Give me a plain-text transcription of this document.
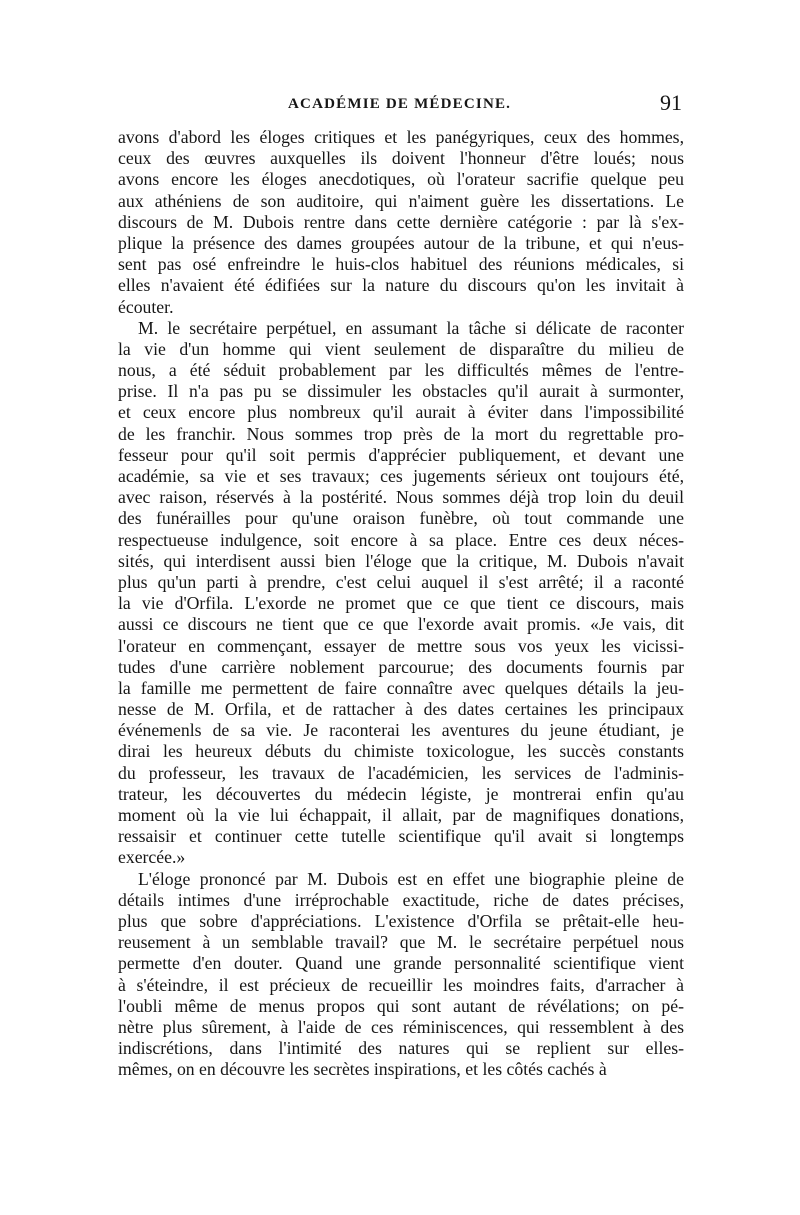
ACADÉMIE DE MÉDECINE.	91
avons d'abord les éloges critiques et les panégyriques, ceux des hommes,
ceux des œuvres auxquelles ils doivent l'honneur d'être loués; nous
avons encore les éloges anecdotiques, où l'orateur sacrifie quelque peu
aux athéniens de son auditoire, qui n'aiment guère les dissertations. Le
discours de M. Dubois rentre dans cette dernière catégorie : par là s'ex-
plique la présence des dames groupées autour de la tribune, et qui n'eus-
sent pas osé enfreindre le huis-clos habituel des réunions médicales, si
elles n'avaient été édifiées sur la nature du discours qu'on les invitait à
écouter.
M. le secrétaire perpétuel, en assumant la tâche si délicate de raconter
la vie d'un homme qui vient seulement de disparaître du milieu de
nous, a été séduit probablement par les difficultés mêmes de l'entre-
prise. Il n'a pas pu se dissimuler les obstacles qu'il aurait à surmonter,
et ceux encore plus nombreux qu'il aurait à éviter dans l'impossibilité
de les franchir. Nous sommes trop près de la mort du regrettable pro-
fesseur pour qu'il soit permis d'apprécier publiquement, et devant une
académie, sa vie et ses travaux; ces jugements sérieux ont toujours été,
avec raison, réservés à la postérité. Nous sommes déjà trop loin du deuil
des funérailles pour qu'une oraison funèbre, où tout commande une
respectueuse indulgence, soit encore à sa place. Entre ces deux néces-
sités, qui interdisent aussi bien l'éloge que la critique, M. Dubois n'avait
plus qu'un parti à prendre, c'est celui auquel il s'est arrêté; il a raconté
la vie d'Orfila. L'exorde ne promet que ce que tient ce discours, mais
aussi ce discours ne tient que ce que l'exorde avait promis. «Je vais, dit
l'orateur en commençant, essayer de mettre sous vos yeux les vicissi-
tudes d'une carrière noblement parcourue; des documents fournis par
la famille me permettent de faire connaître avec quelques détails la jeu-
nesse de M. Orfila, et de rattacher à des dates certaines les principaux
événemenls de sa vie. Je raconterai les aventures du jeune étudiant, je
dirai les heureux débuts du chimiste toxicologue, les succès constants
du professeur, les travaux de l'académicien, les services de l'adminis-
trateur, les découvertes du médecin légiste, je montrerai enfin qu'au
moment où la vie lui échappait, il allait, par de magnifiques donations,
ressaisir et continuer cette tutelle scientifique qu'il avait si longtemps
exercée.»
L'éloge prononcé par M. Dubois est en effet une biographie pleine de
détails intimes d'une irréprochable exactitude, riche de dates précises,
plus que sobre d'appréciations. L'existence d'Orfila se prêtait-elle heu-
reusement à un semblable travail? que M. le secrétaire perpétuel nous
permette d'en douter. Quand une grande personnalité scientifique vient
à s'éteindre, il est précieux de recueillir les moindres faits, d'arracher à
l'oubli même de menus propos qui sont autant de révélations; on pé-
nètre plus sûrement, à l'aide de ces réminiscences, qui ressemblent à des
indiscrétions, dans l'intimité des natures qui se replient sur elles-
mêmes, on en découvre les secrètes inspirations, et les côtés cachés à
